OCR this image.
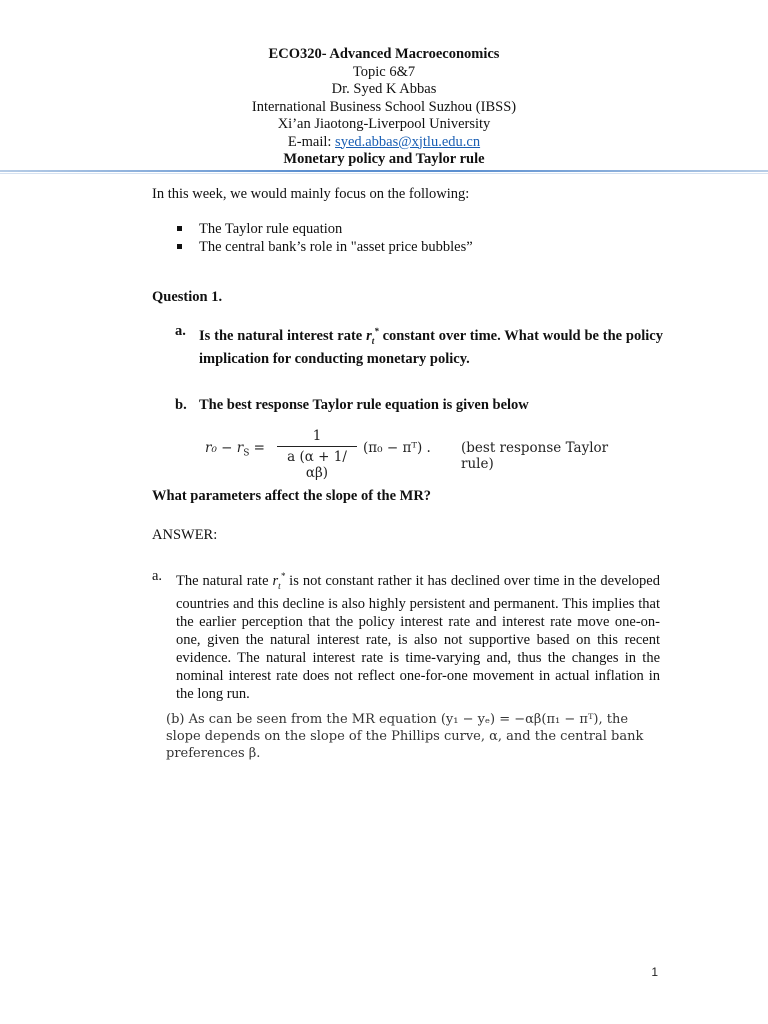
ECO320- Advanced Macroeconomics
Topic 6&7
Dr. Syed K Abbas
International Business School Suzhou (IBSS)
Xi’an Jiaotong-Liverpool University
E-mail: syed.abbas@xjtlu.edu.cn
Monetary policy and Taylor rule
In this week, we would mainly focus on the following:
The Taylor rule equation
The central bank’s role in "asset price bubbles”
Question 1.
a. Is the natural interest rate $r_t^*$ constant over time. What would be the policy implication for conducting monetary policy.
b. The best response Taylor rule equation is given below
$r_0 - r_S$ =
1
a (α + 1/αβ)
(π₀ − πᵀ) . (best response Taylor rule)
What parameters affect the slope of the MR?
ANSWER:
a. The natural rate $r_t^*$ is not constant rather it has declined over time in the developed countries and this decline is also highly persistent and permanent. This implies that the earlier perception that the policy interest rate and interest rate move one-on-one, given the natural interest rate, is also not supportive based on this recent evidence. The natural interest rate is time-varying and, thus the changes in the nominal interest rate does not reflect one-for-one movement in actual inflation in the long run.
(b) As can be seen from the MR equation (y₁ − yₑ) = −αβ(π₁ − πᵀ), the slope depends on the slope of the Phillips curve, α, and the central bank preferences β.
1
